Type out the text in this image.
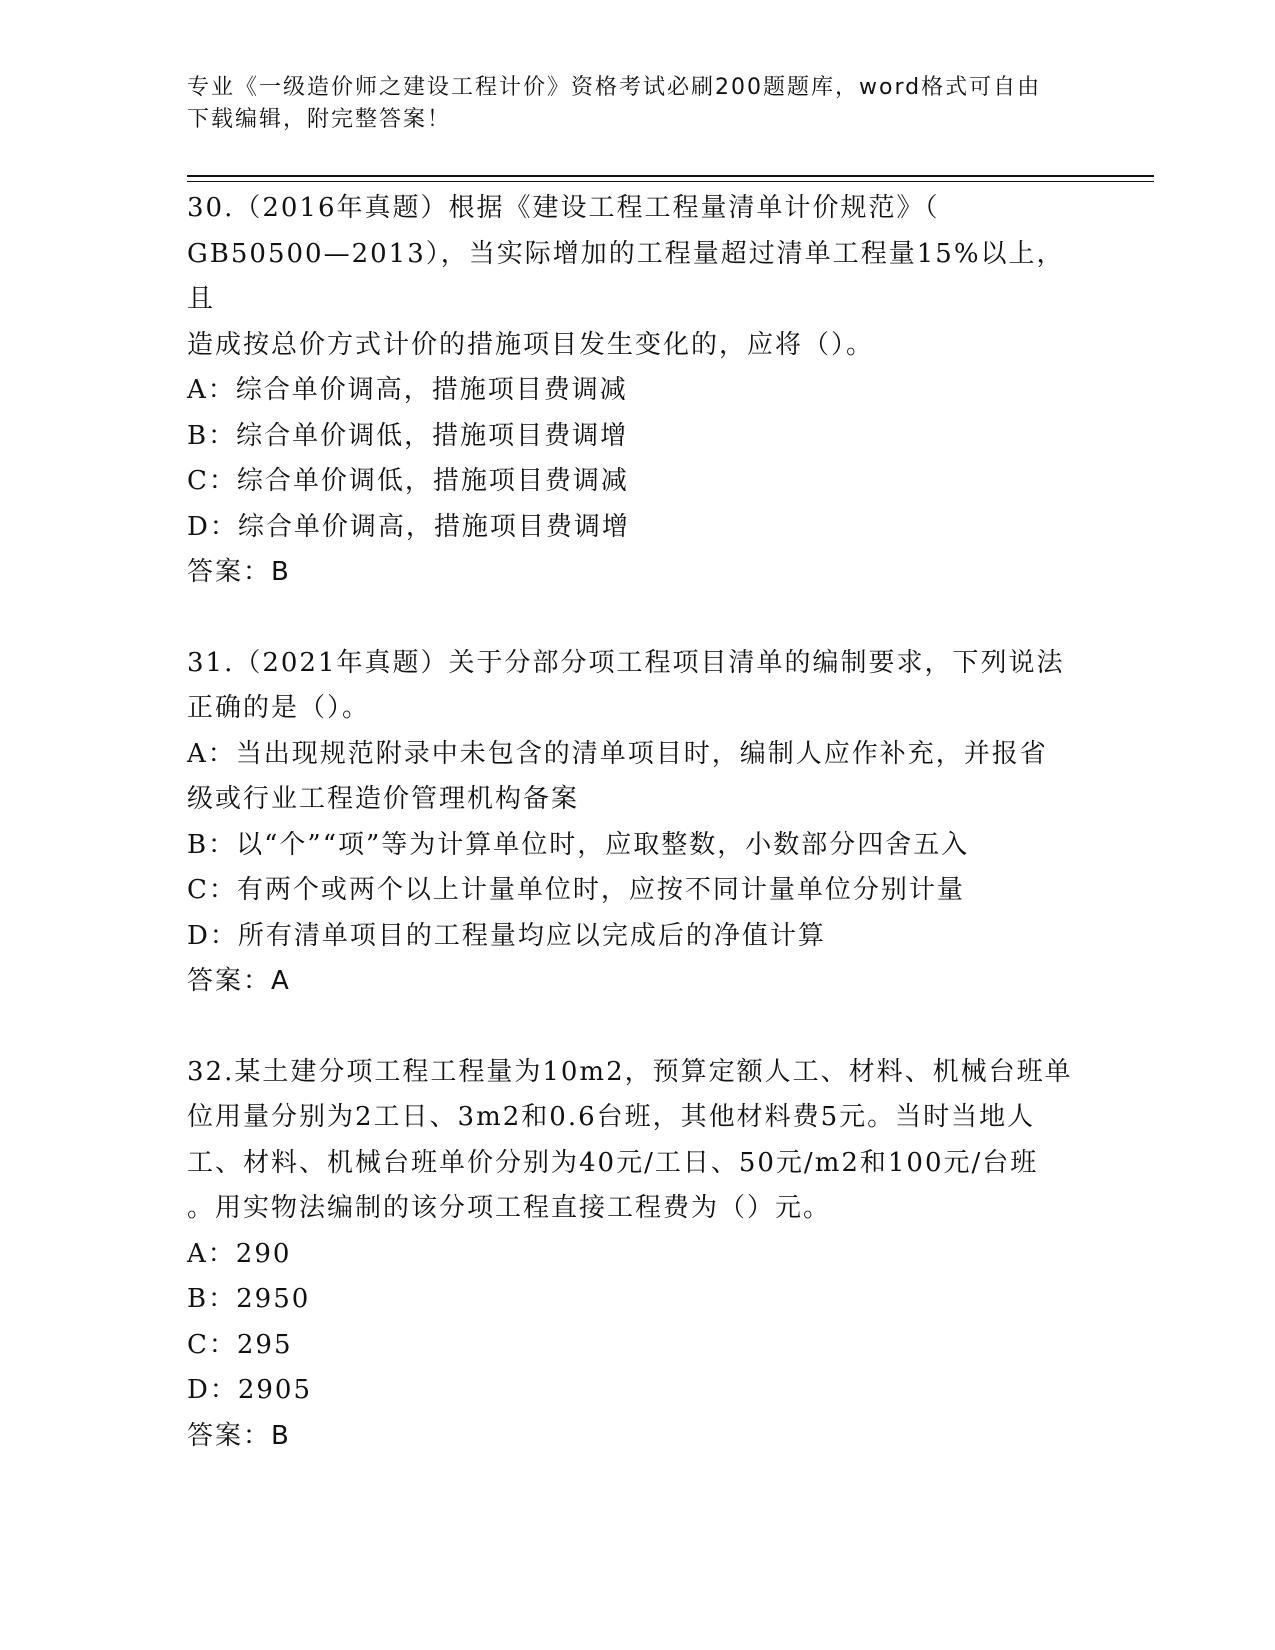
专业《一级造价师之建设工程计价》资格考试必刷200题题库，word格式可自由
下载编辑，附完整答案！

30.（2016年真题）根据《建设工程工程量清单计价规范》（
GB50500—2013），当实际增加的工程量超过清单工程量15%以上，且
造成按总价方式计价的措施项目发生变化的，应将（）。

A：综合单价调高，措施项目费调减

B：综合单价调低，措施项目费调增

C：综合单价调低，措施项目费调减

D：综合单价调高，措施项目费调增

答案：B

31.（2021年真题）关于分部分项工程项目清单的编制要求，下列说法
正确的是（）。

A：当出现规范附录中未包含的清单项目时，编制人应作补充，并报省

级或行业工程造价管理机构备案

B：以“个”“项”等为计算单位时，应取整数，小数部分四舍五入

C：有两个或两个以上计量单位时，应按不同计量单位分别计量

D：所有清单项目的工程量均应以完成后的净值计算

答案：A

32.某土建分项工程工程量为10m2，预算定额人工、材料、机械台班单
位用量分别为2工日、3m2和0.6台班，其他材料费5元。当时当地人
工、材料、机械台班单价分别为40元/工日、50元/m2和100元/台班
。用实物法编制的该分项工程直接工程费为（）元。

A：290

B：2950

C：295

D：2905

答案：B
